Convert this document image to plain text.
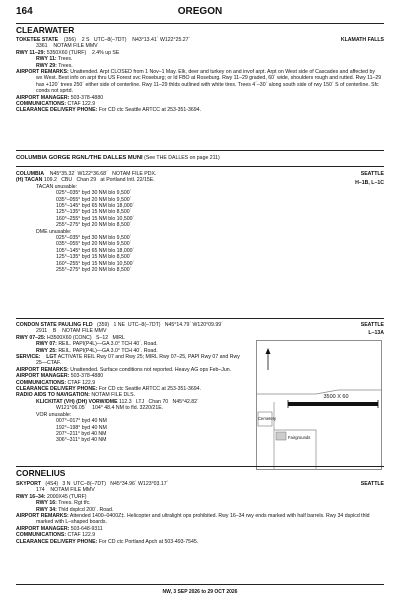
164	OREGON
CLEARWATER
KLAMATH FALLS
TOKETEE STATE (356) 2 S UTC–8(–7DT) N43°13.41´ W122°25.27´
3361 NOTAM FILE MMV
RWY 11–29: 5350X60 (TURF) 2.4% up SE
RWY 11: Trees.
RWY 29: Trees.
AIRPORT REMARKS: Unattended. Arpt CLOSED from 1 Nov–1 May. Elk, deer and turkey on and invof arpt. Arpt on West side of Cascades and affected by wx West. Best info on arpt thru US Forest svc Roseburg; or ld FBO at Roseburg. Rwy 11–29 graded, 60´ wide, shoulders rough and rutted. Rwy 11–29 has +120´ trees 250´ either side of centerline. Rwy 11–29 thlds outlined with white tires. Trees 4´–30´ along south side of rwy 150´ S of centerline. Sfc conds not sprtd.
AIRPORT MANAGER: 503-378-4880
COMMUNICATIONS: CTAF 122.9
CLEARANCE DELIVERY PHONE: For CD ctc Seattle ARTCC at 253-351-3694.
COLUMBIA GORGE RGNL/THE DALLES MUNI (See THE DALLES on page 211)
SEATTLE
H–1B, L–1C
COLUMBIA N45°35.32´ W122°36.68´ NOTAM FILE PDX.
(H) TACAN 109.2 CBU Chan 29 at Portland Intl. 22/15E.
TACAN unusable:
025°–035° byd 30 NM blo 9,500´
035°–055° byd 20 NM blo 9,500´
105°–145° byd 65 NM blo 18,000´
125°–135° byd 15 NM blo 8,500´
160°–255° byd 15 NM blo 10,500´
255°–275° byd 20 NM blo 8,500´
DME unusable:
025°–035° byd 30 NM blo 9,500´
035°–055° byd 20 NM blo 9,500´
105°–145° byd 65 NM blo 18,000´
125°–135° byd 15 NM blo 8,500´
160°–255° byd 15 NM blo 10,500´
255°–275° byd 20 NM blo 8,500´
SEATTLE
L–13A
CONDON STATE PAULING FLD (359) 1 NE UTC–8(–7DT) N45°14.79´ W120°09.99´
2911 B NOTAM FILE MMV
RWY 07–25: H3500X60 (CONC) S–12 MIRL
RWY 07: REIL. PAPI(P4L)—GA 3.0° TCH 40´. Road.
RWY 25: REIL. PAPI(P4L)—GA 3.0° TCH 40´. Road.
SERVICE: LGT ACTIVATE REIL Rwy 07 and Rwy 25; MIRL Rwy 07–25, PAPI Rwy 07 and Rwy 25—CTAF.
AIRPORT REMARKS: Unattended. Surface conditions not reported. Heavy AG ops Feb–Jun.
AIRPORT MANAGER: 503-378-4880
COMMUNICATIONS: CTAF 122.9
CLEARANCE DELIVERY PHONE: For CD ctc Seattle ARTCC at 253-351-3694.
RADIO AIDS TO NAVIGATION: NOTAM FILE DLS.
KLICKITAT (VH) (DH) VORW/DME 112.3 LTJ Chan 70 N45°42.82´
W121°06.05´ 104° 48.4 NM to fld. 3220/21E.
VOR unusable:
007°–017° byd 40 NM
192°–198° byd 40 NM
207°–211° byd 40 NM
306°–311° byd 40 NM
3500 X 60
Cemetery
Fairgrounds
CORNELIUS
SEATTLE
SKYPORT (4S4) 3 N UTC–8(–7DT) N45°34.96´ W123°03.17´
174 NOTAM FILE MMV
RWY 16–34: 2000X45 (TURF)
RWY 16: Trees. Rgt tfc.
RWY 34: Thld dsplcd 200´. Road.
AIRPORT REMARKS: Attended 1400–0400Z‡. Helicopter and ultralight ops prohibited. Rwy 16–34 rwy ends marked with half barrels. Rwy 34 dsplcd thld marked with L–shaped boards.
AIRPORT MANAGER: 503-648-9311
COMMUNICATIONS: CTAF 122.9
CLEARANCE DELIVERY PHONE: For CD ctc Portland Apch at 503-493-7545.
NW, 3 SEP 2026 to 29 OCT 2026
